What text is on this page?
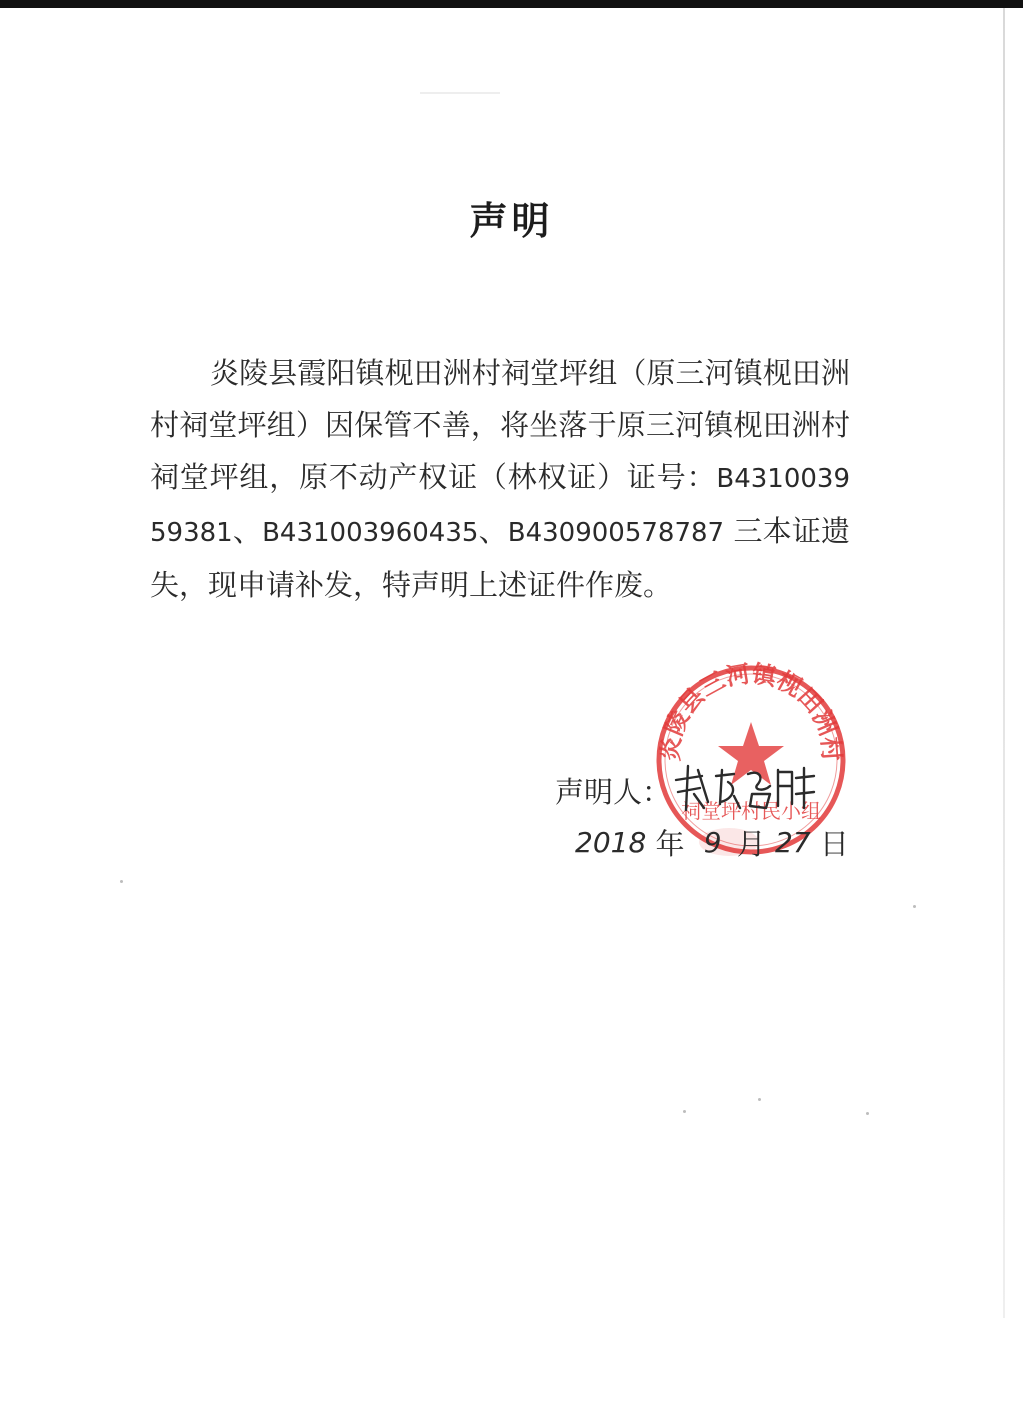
声明

炎陵县霞阳镇枧田洲村祠堂坪组（原三河镇枧田洲村祠堂坪组）因保管不善，将坐落于原三河镇枧田洲村祠堂坪组，原不动产权证（林权证）证号：B431003959381、B431003960435、B430900578787 三本证遗失，现申请补发，特声明上述证件作废。

炎陵县三河镇枧田洲村
祠堂坪村民小组
声明人：
2018 年 9 月 27 日
